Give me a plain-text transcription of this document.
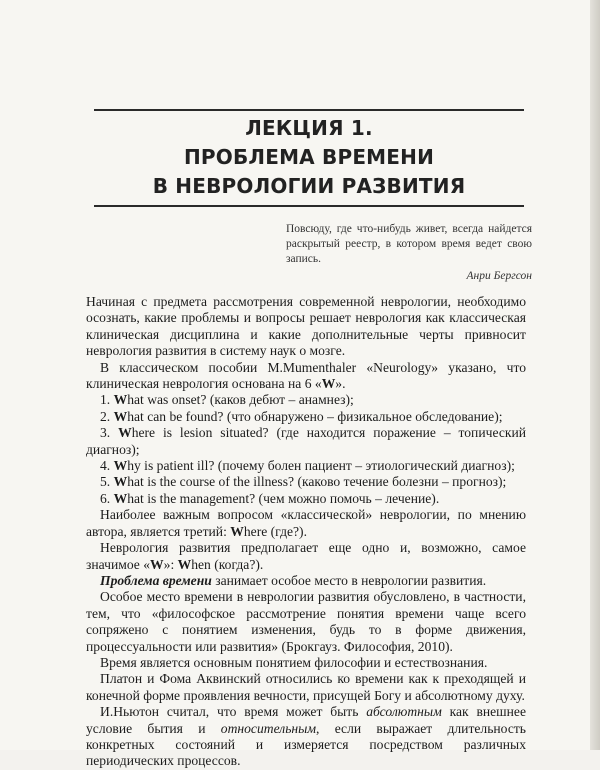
ЛЕКЦИЯ 1.
ПРОБЛЕМА ВРЕМЕНИ
В НЕВРОЛОГИИ РАЗВИТИЯ
Повсюду, где что-нибудь живет, всегда найдется раскрытый реестр, в котором время ведет свою запись.
Анри Бергсон

Начиная с предмета рассмотрения современной неврологии, необходимо осознать, какие проблемы и вопросы решает неврология как классическая клиническая дисциплина и какие дополнительные черты привносит неврология развития в систему наук о мозге.

В классическом пособии M.Mumenthaler «Neurology» указано, что клиническая неврология основана на 6 «W».

1. What was onset? (каков дебют – анамнез);

2. What can be found? (что обнаружено – физикальное обследование);

3. Where is lesion situated? (где находится поражение – топический диагноз);

4. Why is patient ill? (почему болен пациент – этиологический диагноз);

5. What is the course of the illness? (каково течение болезни – прогноз);

6. What is the management? (чем можно помочь – лечение).

Наиболее важным вопросом «классической» неврологии, по мнению автора, является третий: Where (где?).

Неврология развития предполагает еще одно и, возможно, самое значимое «W»: When (когда?).

Проблема времени занимает особое место в неврологии развития.

Особое место времени в неврологии развития обусловлено, в частности, тем, что «философское рассмотрение понятия времени чаще всего сопряжено с понятием изменения, будь то в форме движения, процессуальности или развития» (Брокгауз. Философия, 2010).

Время является основным понятием философии и естествознания.

Платон и Фома Аквинский относились ко времени как к преходящей и конечной форме проявления вечности, присущей Богу и абсолютному духу.

И.Ньютон считал, что время может быть абсолютным как внешнее условие бытия и относительным, если выражает длительность конкретных состояний и измеряется посредством различных периодических процессов.
